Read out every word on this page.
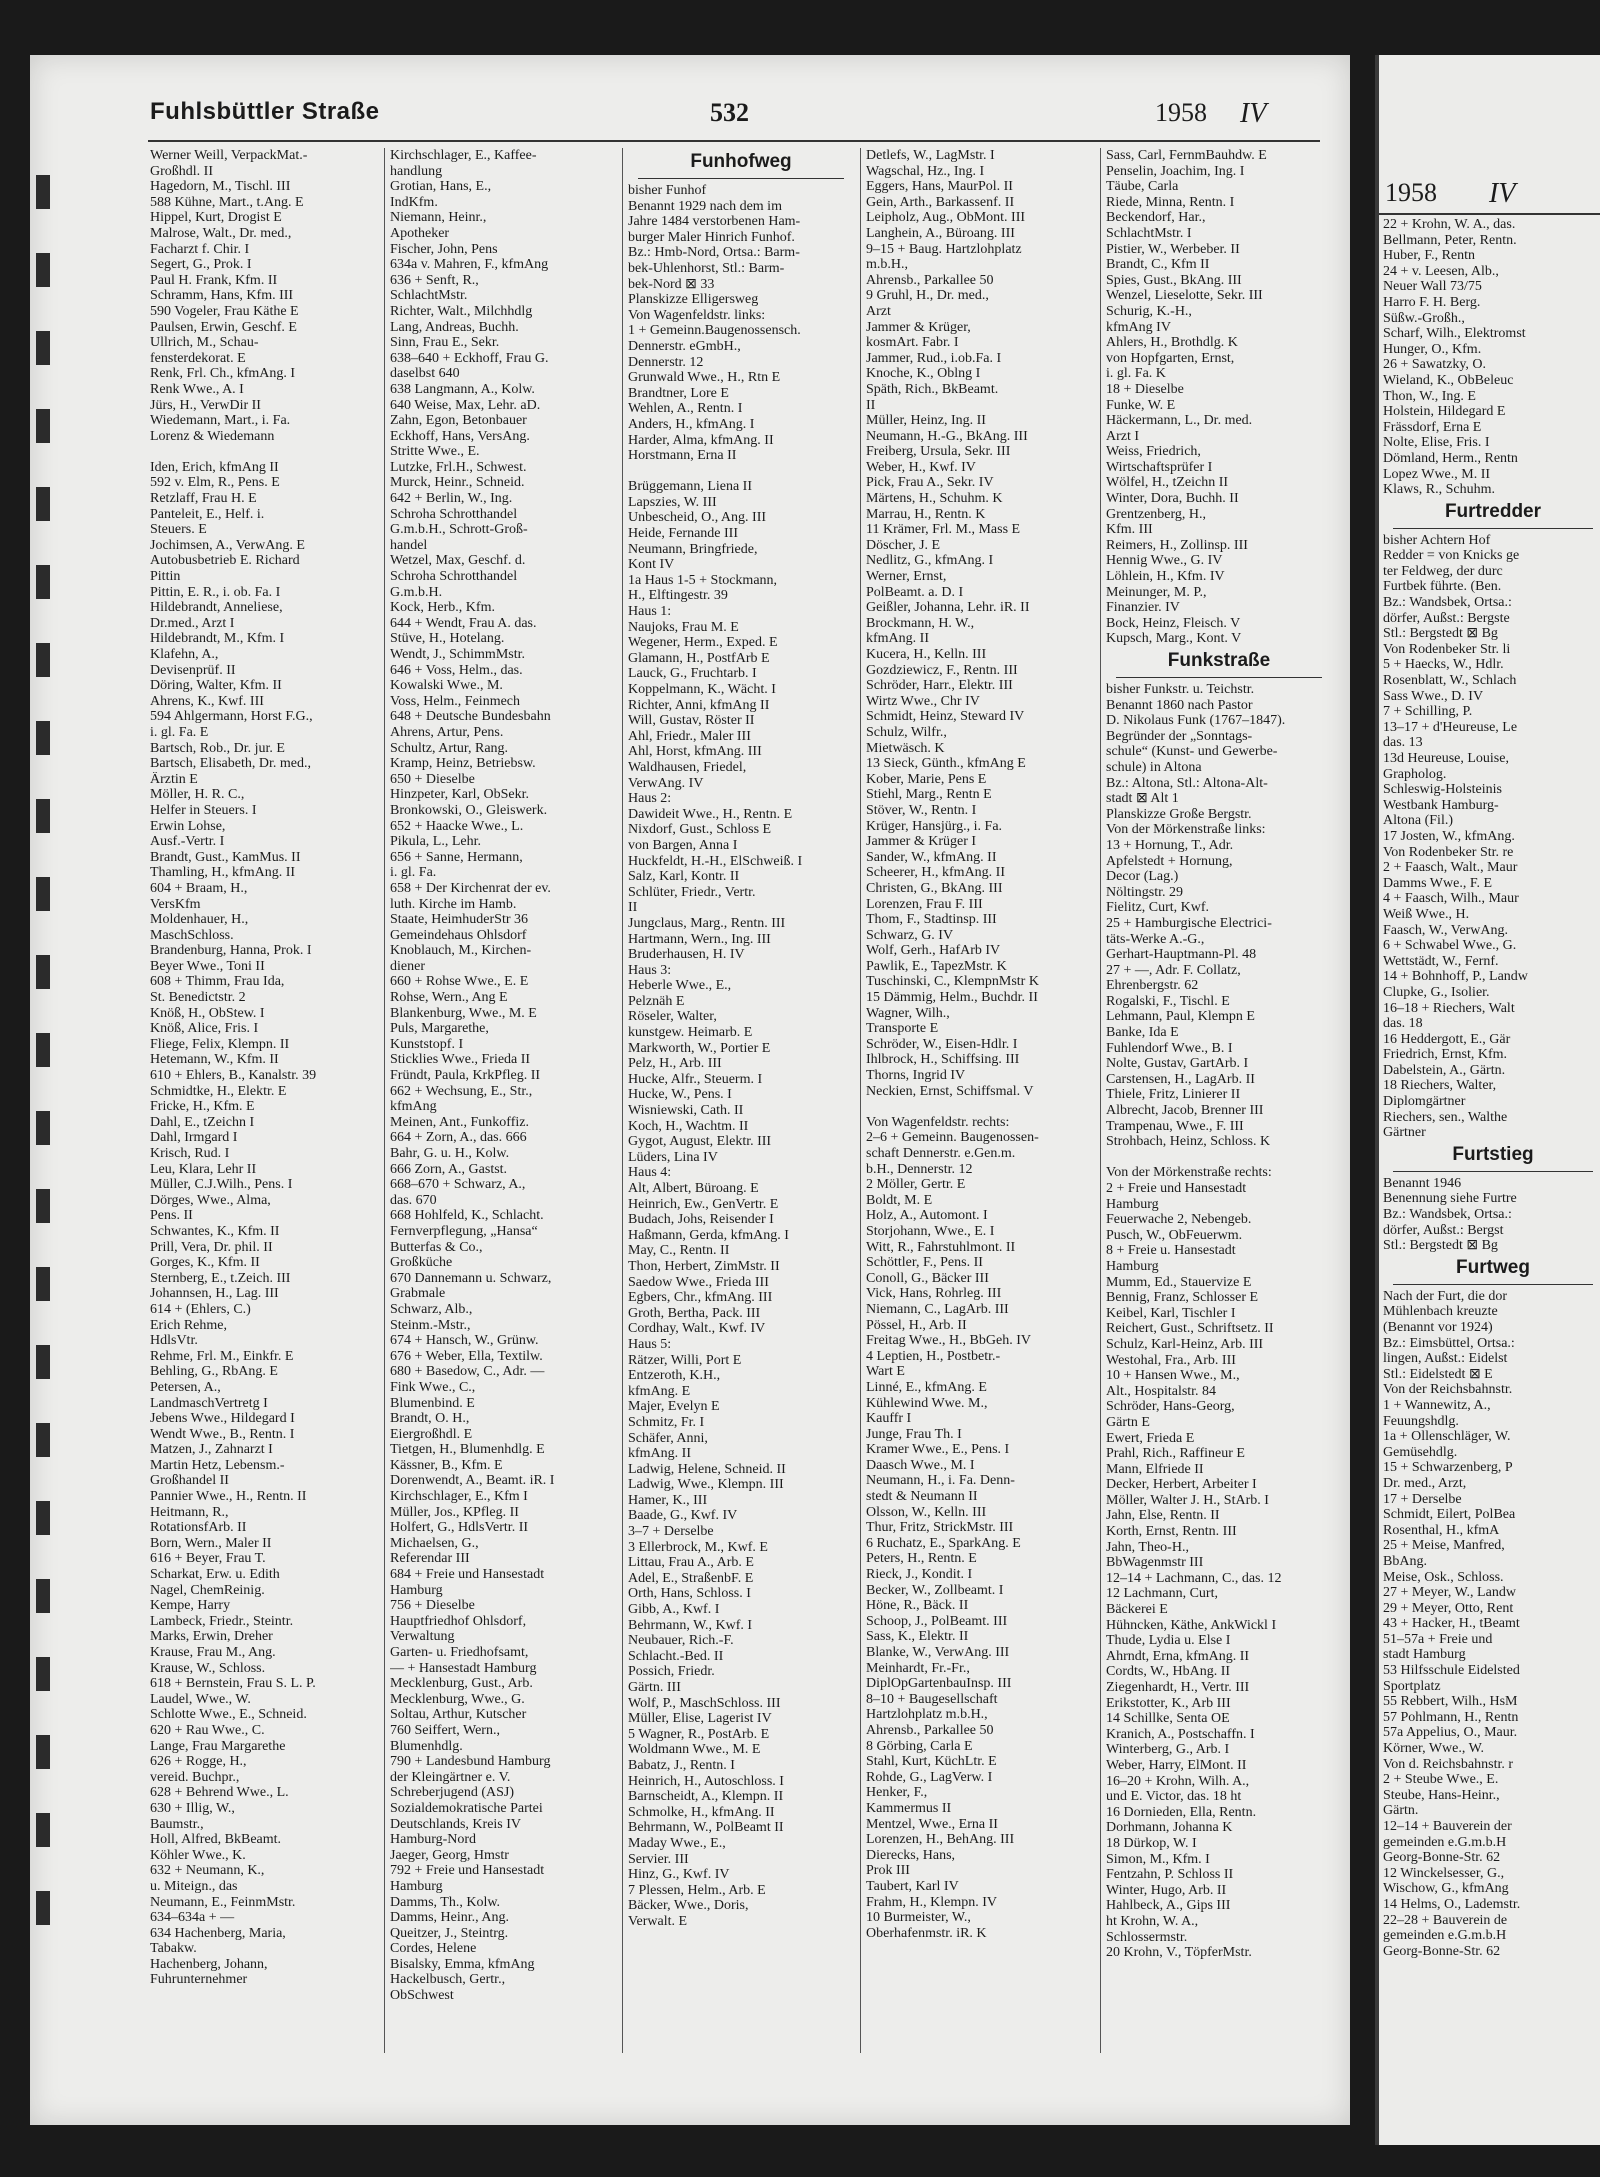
Fuhlsbüttler Straße	532	1958 IV
Werner Weill, VerpackMat.-
Großhdl. II
Hagedorn, M., Tischl. III
588 Kühne, Mart., t.Ang. E
Hippel, Kurt, Drogist E
Malrose, Walt., Dr. med.,
Facharzt f. Chir. I
Segert, G., Prok. I
Paul H. Frank, Kfm. II
Schramm, Hans, Kfm. III
590 Vogeler, Frau Käthe E
Paulsen, Erwin, Geschf. E
Ullrich, M., Schau-
fensterdekorat. E
Renk, Frl. Ch., kfmAng. I
Renk Wwe., A. I
Jürs, H., VerwDir II
Wiedemann, Mart., i. Fa.
Lorenz & Wiedemann

Iden, Erich, kfmAng II
592 v. Elm, R., Pens. E
Retzlaff, Frau H. E
Panteleit, E., Helf. i.
Steuers. E
Jochimsen, A., VerwAng. E
Autobusbetrieb E. Richard
Pittin
Pittin, E. R., i. ob. Fa. I
Hildebrandt, Anneliese,
Dr.med., Arzt I
Hildebrandt, M., Kfm. I
Klafehn, A.,
Devisenprüf. II
Döring, Walter, Kfm. II
Ahrens, K., Kwf. III
594 Ahlgermann, Horst F.G.,
i. gl. Fa. E
Bartsch, Rob., Dr. jur. E
Bartsch, Elisabeth, Dr. med.,
Ärztin E
Möller, H. R. C.,
Helfer in Steuers. I
Erwin Lohse,
Ausf.-Vertr. I
Brandt, Gust., KamMus. II
Thamling, H., kfmAng. II
604 + Braam, H.,
VersKfm
Moldenhauer, H.,
MaschSchloss.
Brandenburg, Hanna, Prok. I
Beyer Wwe., Toni II
608 + Thimm, Frau Ida,
St. Benedictstr. 2
Knöß, H., ObStew. I
Knöß, Alice, Fris. I
Fliege, Felix, Klempn. II
Hetemann, W., Kfm. II
610 + Ehlers, B., Kanalstr. 39
Schmidtke, H., Elektr. E
Fricke, H., Kfm. E
Dahl, E., tZeichn I
Dahl, Irmgard I
Krisch, Rud. I
Leu, Klara, Lehr II
Müller, C.J.Wilh., Pens. I
Dörges, Wwe., Alma,
Pens. II
Schwantes, K., Kfm. II
Prill, Vera, Dr. phil. II
Gorges, K., Kfm. II
Sternberg, E., t.Zeich. III
Johannsen, H., Lag. III
614 + (Ehlers, C.)
Erich Rehme,
HdlsVtr.
Rehme, Frl. M., Einkfr. E
Behling, G., RbAng. E
Petersen, A.,
LandmaschVertretg I
Jebens Wwe., Hildegard I
Wendt Wwe., B., Rentn. I
Matzen, J., Zahnarzt I
Martin Hetz, Lebensm.-
Großhandel II
Pannier Wwe., H., Rentn. II
Heitmann, R.,
RotationsfArb. II
Born, Wern., Maler II
616 + Beyer, Frau T.
Scharkat, Erw. u. Edith
Nagel, ChemReinig.
Kempe, Harry
Lambeck, Friedr., Steintr.
Marks, Erwin, Dreher
Krause, Frau M., Ang.
Krause, W., Schloss.
618 + Bernstein, Frau S. L. P.
Laudel, Wwe., W.
Schlotte Wwe., E., Schneid.
620 + Rau Wwe., C.
Lange, Frau Margarethe
626 + Rogge, H.,
vereid. Buchpr.,
628 + Behrend Wwe., L.
630 + Illig, W.,
Baumstr.,
Holl, Alfred, BkBeamt.
Köhler Wwe., K.
632 + Neumann, K.,
u. Miteign., das
Neumann, E., FeinmMstr.
634–634a + —
634 Hachenberg, Maria,
Tabakw.
Hachenberg, Johann,
Fuhrunternehmer
Kirchschlager, E., Kaffee-
handlung
Grotian, Hans, E.,
IndKfm.
Niemann, Heinr.,
Apotheker
Fischer, John, Pens
634a v. Mahren, F., kfmAng
636 + Senft, R.,
SchlachtMstr.
Richter, Walt., Milchhdlg
Lang, Andreas, Buchh.
Sinn, Frau E., Sekr.
638–640 + Eckhoff, Frau G.
daselbst 640
638 Langmann, A., Kolw.
640 Weise, Max, Lehr. aD.
Zahn, Egon, Betonbauer
Eckhoff, Hans, VersAng.
Stritte Wwe., E.
Lutzke, Frl.H., Schwest.
Murck, Heinr., Schneid.
642 + Berlin, W., Ing.
Schroha Schrotthandel
G.m.b.H., Schrott-Groß-
handel
Wetzel, Max, Geschf. d.
Schroha Schrotthandel
G.m.b.H.
Kock, Herb., Kfm.
644 + Wendt, Frau A. das.
Stüve, H., Hotelang.
Wendt, J., SchimmMstr.
646 + Voss, Helm., das.
Kowalski Wwe., M.
Voss, Helm., Feinmech
648 + Deutsche Bundesbahn
Ahrens, Artur, Pens.
Schultz, Artur, Rang.
Kramp, Heinz, Betriebsw.
650 + Dieselbe
Hinzpeter, Karl, ObSekr.
Bronkowski, O., Gleiswerk.
652 + Haacke Wwe., L.
Pikula, L., Lehr.
656 + Sanne, Hermann,
i. gl. Fa.
658 + Der Kirchenrat der ev.
luth. Kirche im Hamb.
Staate, HeimhuderStr 36
Gemeindehaus Ohlsdorf
Knoblauch, M., Kirchen-
diener
660 + Rohse Wwe., E. E
Rohse, Wern., Ang E
Blankenburg, Wwe., M. E
Puls, Margarethe,
Kunststopf. I
Sticklies Wwe., Frieda II
Fründt, Paula, KrkPfleg. II
662 + Wechsung, E., Str.,
kfmAng
Meinen, Ant., Funkoffiz.
664 + Zorn, A., das. 666
Bahr, G. u. H., Kolw.
666 Zorn, A., Gastst.
668–670 + Schwarz, A.,
das. 670
668 Hohlfeld, K., Schlacht.
Fernverpflegung, „Hansa“
Butterfas & Co.,
Großküche
670 Dannemann u. Schwarz,
Grabmale
Schwarz, Alb.,
Steinm.-Mstr.,
674 + Hansch, W., Grünw.
676 + Weber, Ella, Textilw.
680 + Basedow, C., Adr. —
Fink Wwe., C.,
Blumenbind. E
Brandt, O. H.,
Eiergroßhdl. E
Tietgen, H., Blumenhdlg. E
Kässner, B., Kfm. E
Dorenwendt, A., Beamt. iR. I
Kirchschlager, E., Kfm I
Müller, Jos., KPfleg. II
Holfert, G., HdlsVertr. II
Michaelsen, G.,
Referendar III
684 + Freie und Hansestadt
Hamburg
756 + Dieselbe
Hauptfriedhof Ohlsdorf,
Verwaltung
Garten- u. Friedhofsamt,
— + Hansestadt Hamburg
Mecklenburg, Gust., Arb.
Mecklenburg, Wwe., G.
Soltau, Arthur, Kutscher
760 Seiffert, Wern.,
Blumenhdlg.
790 + Landesbund Hamburg
der Kleingärtner e. V.
Schreberjugend (ASJ)
Sozialdemokratische Partei
Deutschlands, Kreis IV
Hamburg-Nord
Jaeger, Georg, Hmstr
792 + Freie und Hansestadt
Hamburg
Damms, Th., Kolw.
Damms, Heinr., Ang.
Queitzer, J., Steintrg.
Cordes, Helene
Bisalsky, Emma, kfmAng
Hackelbusch, Gertr.,
ObSchwest
Funhofweg
bisher Funhof
Benannt 1929 nach dem im
Jahre 1484 verstorbenen Ham-
burger Maler Hinrich Funhof.
Bz.: Hmb-Nord, Ortsa.: Barm-
bek-Uhlenhorst, Stl.: Barm-
bek-Nord ⊠ 33
Planskizze Elligersweg
Von Wagenfeldstr. links:
1 + Gemeinn.Baugenossensch.
Dennerstr. eGmbH.,
Dennerstr. 12
Grunwald Wwe., H., Rtn E
Brandtner, Lore E
Wehlen, A., Rentn. I
Anders, H., kfmAng. I
Harder, Alma, kfmAng. II
Horstmann, Erna II

Brüggemann, Liena II
Lapszies, W. III
Unbescheid, O., Ang. III
Heide, Fernande III
Neumann, Bringfriede,
Kont IV
1a Haus 1-5 + Stockmann,
H., Elftingestr. 39
Haus 1:
Naujoks, Frau M. E
Wegener, Herm., Exped. E
Glamann, H., PostfArb E
Lauck, G., Fruchtarb. I
Koppelmann, K., Wächt. I
Richter, Anni, kfmAng II
Will, Gustav, Röster II
Ahl, Friedr., Maler III
Ahl, Horst, kfmAng. III
Waldhausen, Friedel,
VerwAng. IV
Haus 2:
Dawideit Wwe., H., Rentn. E
Nixdorf, Gust., Schloss E
von Bargen, Anna I
Huckfeldt, H.-H., ElSchweiß. I
Salz, Karl, Kontr. II
Schlüter, Friedr., Vertr.
II
Jungclaus, Marg., Rentn. III
Hartmann, Wern., Ing. III
Bruderhausen, H. IV
Haus 3:
Heberle Wwe., E.,
Pelznäh E
Röseler, Walter,
kunstgew. Heimarb. E
Markworth, W., Portier E
Pelz, H., Arb. III
Hucke, Alfr., Steuerm. I
Hucke, W., Pens. I
Wisniewski, Cath. II
Koch, H., Wachtm. II
Gygot, August, Elektr. III
Lüders, Lina IV
Haus 4:
Alt, Albert, Büroang. E
Heinrich, Ew., GenVertr. E
Budach, Johs, Reisender I
Haßmann, Gerda, kfmAng. I
May, C., Rentn. II
Thon, Herbert, ZimMstr. II
Saedow Wwe., Frieda III
Egbers, Chr., kfmAng. III
Groth, Bertha, Pack. III
Cordhay, Walt., Kwf. IV
Haus 5:
Rätzer, Willi, Port E
Entzeroth, K.H.,
kfmAng. E
Majer, Evelyn E
Schmitz, Fr. I
Schäfer, Anni,
kfmAng. II
Ladwig, Helene, Schneid. II
Ladwig, Wwe., Klempn. III
Hamer, K., III
Baade, G., Kwf. IV
3–7 + Derselbe
3 Ellerbrock, M., Kwf. E
Littau, Frau A., Arb. E
Adel, E., StraßenbF. E
Orth, Hans, Schloss. I
Gibb, A., Kwf. I
Behrmann, W., Kwf. I
Neubauer, Rich.-F.
Schlacht.-Bed. II
Possich, Friedr.
Gärtn. III
Wolf, P., MaschSchloss. III
Müller, Elise, Lagerist IV
5 Wagner, R., PostArb. E
Woldmann Wwe., M. E
Babatz, J., Rentn. I
Heinrich, H., Autoschloss. I
Barnscheidt, A., Klempn. II
Schmolke, H., kfmAng. II
Behrmann, W., PolBeamt II
Maday Wwe., E.,
Servier. III
Hinz, G., Kwf. IV
7 Plessen, Helm., Arb. E
Bäcker, Wwe., Doris,
Verwalt. E
Detlefs, W., LagMstr. I
Wagschal, Hz., Ing. I
Eggers, Hans, MaurPol. II
Gein, Arth., Barkassenf. II
Leipholz, Aug., ObMont. III
Langhein, A., Büroang. III
9–15 + Baug. Hartzlohplatz
m.b.H.,
Ahrensb., Parkallee 50
9 Gruhl, H., Dr. med.,
Arzt
Jammer & Krüger,
kosmArt. Fabr. I
Jammer, Rud., i.ob.Fa. I
Knoche, K., Oblng I
Späth, Rich., BkBeamt.
II
Müller, Heinz, Ing. II
Neumann, H.-G., BkAng. III
Freiberg, Ursula, Sekr. III
Weber, H., Kwf. IV
Pick, Frau A., Sekr. IV
Märtens, H., Schuhm. K
Marrau, H., Rentn. K
11 Krämer, Frl. M., Mass E
Döscher, J. E
Nedlitz, G., kfmAng. I
Werner, Ernst,
PolBeamt. a. D. I
Geißler, Johanna, Lehr. iR. II
Brockmann, H. W.,
kfmAng. II
Kucera, H., Kelln. III
Gozdziewicz, F., Rentn. III
Schröder, Harr., Elektr. III
Wirtz Wwe., Chr IV
Schmidt, Heinz, Steward IV
Schulz, Wilfr.,
Mietwäsch. K
13 Sieck, Günth., kfmAng E
Kober, Marie, Pens E
Stiehl, Marg., Rentn E
Stöver, W., Rentn. I
Krüger, Hansjürg., i. Fa.
Jammer & Krüger I
Sander, W., kfmAng. II
Scheerer, H., kfmAng. II
Christen, G., BkAng. III
Lorenzen, Frau F. III
Thom, F., Stadtinsp. III
Schwarz, G. IV
Wolf, Gerh., HafArb IV
Pawlik, E., TapezMstr. K
Tuschinski, C., KlempnMstr K
15 Dämmig, Helm., Buchdr. II
Wagner, Wilh.,
Transporte E
Schröder, W., Eisen-Hdlr. I
Ihlbrock, H., Schiffsing. III
Thorns, Ingrid IV
Neckien, Ernst, Schiffsmal. V

Von Wagenfeldstr. rechts:
2–6 + Gemeinn. Baugenossen-
schaft Dennerstr. e.Gen.m.
b.H., Dennerstr. 12
2 Möller, Gertr. E
Boldt, M. E
Holz, A., Automont. I
Storjohann, Wwe., E. I
Witt, R., Fahrstuhlmont. II
Schöttler, F., Pens. II
Conoll, G., Bäcker III
Vick, Hans, Rohrleg. III
Niemann, C., LagArb. III
Pössel, H., Arb. II
Freitag Wwe., H., BbGeh. IV
4 Leptien, H., Postbetr.-
Wart E
Linné, E., kfmAng. E
Kühlewind Wwe. M.,
Kauffr I
Junge, Frau Th. I
Kramer Wwe., E., Pens. I
Daasch Wwe., M. I
Neumann, H., i. Fa. Denn-
stedt & Neumann II
Olsson, W., Kelln. III
Thur, Fritz, StrickMstr. III
6 Ruchatz, E., SparkAng. E
Peters, H., Rentn. E
Rieck, J., Kondit. I
Becker, W., Zollbeamt. I
Höne, R., Bäck. II
Schoop, J., PolBeamt. III
Sass, K., Elektr. II
Blanke, W., VerwAng. III
Meinhardt, Fr.-Fr.,
DiplOpGartenbauInsp. III
8–10 + Baugesellschaft
Hartzlohplatz m.b.H.,
Ahrensb., Parkallee 50
8 Görbing, Carla E
Stahl, Kurt, KüchLtr. E
Rohde, G., LagVerw. I
Henker, F.,
Kammermus II
Mentzel, Wwe., Erna II
Lorenzen, H., BehAng. III
Dierecks, Hans,
Prok III
Taubert, Karl IV
Frahm, H., Klempn. IV
10 Burmeister, W.,
Oberhafenmstr. iR. K
Sass, Carl, FernmBauhdw. E
Penselin, Joachim, Ing. I
Täube, Carla
Riede, Minna, Rentn. I
Beckendorf, Har.,
SchlachtMstr. I
Pistier, W., Werbeber. II
Brandt, C., Kfm II
Spies, Gust., BkAng. III
Wenzel, Lieselotte, Sekr. III
Schurig, K.-H.,
kfmAng IV
Ahlers, H., Brothdlg. K
von Hopfgarten, Ernst,
i. gl. Fa. K
18 + Dieselbe
Funke, W. E
Häckermann, L., Dr. med.
Arzt I
Weiss, Friedrich,
Wirtschaftsprüfer I
Wölfel, H., tZeichn II
Winter, Dora, Buchh. II
Grentzenberg, H.,
Kfm. III
Reimers, H., Zollinsp. III
Hennig Wwe., G. IV
Löhlein, H., Kfm. IV
Meinunger, M. P.,
Finanzier. IV
Bock, Heinz, Fleisch. V
Kupsch, Marg., Kont. V
Funkstraße
bisher Funkstr. u. Teichstr.
Benannt 1860 nach Pastor
D. Nikolaus Funk (1767–1847).
Begründer der „Sonntags-
schule“ (Kunst- und Gewerbe-
schule) in Altona
Bz.: Altona, Stl.: Altona-Alt-
stadt ⊠ Alt 1
Planskizze Große Bergstr.
Von der Mörkenstraße links:
13 + Hornung, T., Adr.
Apfelstedt + Hornung,
Decor (Lag.)
Nöltingstr. 29
Fielitz, Curt, Kwf.
25 + Hamburgische Electrici-
täts-Werke A.-G.,
Gerhart-Hauptmann-Pl. 48
27 + —, Adr. F. Collatz,
Ehrenbergstr. 62
Rogalski, F., Tischl. E
Lehmann, Paul, Klempn E
Banke, Ida E
Fuhlendorf Wwe., B. I
Nolte, Gustav, GartArb. I
Carstensen, H., LagArb. II
Thiele, Fritz, Linierer II
Albrecht, Jacob, Brenner III
Trampenau, Wwe., F. III
Strohbach, Heinz, Schloss. K

Von der Mörkenstraße rechts:
2 + Freie und Hansestadt
Hamburg
Feuerwache 2, Nebengeb.
Pusch, W., ObFeuerwm.
8 + Freie u. Hansestadt
Hamburg
Mumm, Ed., Stauervize E
Bennig, Franz, Schlosser E
Keibel, Karl, Tischler I
Reichert, Gust., Schriftsetz. II
Schulz, Karl-Heinz, Arb. III
Westohal, Fra., Arb. III
10 + Hansen Wwe., M.,
Alt., Hospitalstr. 84
Schröder, Hans-Georg,
Gärtn E
Ewert, Frieda E
Prahl, Rich., Raffineur E
Mann, Elfriede II
Decker, Herbert, Arbeiter I
Möller, Walter J. H., StArb. I
Jahn, Else, Rentn. II
Korth, Ernst, Rentn. III
Jahn, Theo-H.,
BbWagenmstr III
12–14 + Lachmann, C., das. 12
12 Lachmann, Curt,
Bäckerei E
Hühncken, Käthe, AnkWickl I
Thude, Lydia u. Else I
Ahrndt, Erna, kfmAng. II
Cordts, W., HbAng. II
Ziegenhardt, H., Vertr. III
Erikstotter, K., Arb III
14 Schillke, Senta OE
Kranich, A., Postschaffn. I
Winterberg, G., Arb. I
Weber, Harry, ElMont. II
16–20 + Krohn, Wilh. A.,
und E. Victor, das. 18 ht
16 Dornieden, Ella, Rentn.
Dorhmann, Johanna K
18 Dürkop, W. I
Simon, M., Kfm. I
Fentzahn, P. Schloss II
Winter, Hugo, Arb. II
Hahlbeck, A., Gips III
ht Krohn, W. A.,
Schlossermstr.
20 Krohn, V., TöpferMstr.
1958 IV
22 + Krohn, W. A., das.
Bellmann, Peter, Rentn.
Huber, F., Rentn
24 + v. Leesen, Alb.,
Neuer Wall 73/75
Harro F. H. Berg.
Süßw.-Großh.,
Scharf, Wilh., Elektromst
Hunger, O., Kfm.
26 + Sawatzky, O.
Wieland, K., ObBeleuc
Thon, W., Ing. E
Holstein, Hildegard E
Frässdorf, Erna E
Nolte, Elise, Fris. I
Dömland, Herm., Rentn
Lopez Wwe., M. II
Klaws, R., Schuhm.
Furtredder
bisher Achtern Hof
Redder = von Knicks ge
ter Feldweg, der durc
Furtbek führte. (Ben.
Bz.: Wandsbek, Ortsa.:
dörfer, Außst.: Bergste
Stl.: Bergstedt ⊠ Bg
Von Rodenbeker Str. li
5 + Haecks, W., Hdlr.
Rosenblatt, W., Schlach
Sass Wwe., D. IV
7 + Schilling, P.
13–17 + d'Heureuse, Le
das. 13
13d Heureuse, Louise,
Grapholog.
Schleswig-Holsteinis
Westbank Hamburg-
Altona (Fil.)
17 Josten, W., kfmAng.
Von Rodenbeker Str. re
2 + Faasch, Walt., Maur
Damms Wwe., F. E
4 + Faasch, Wilh., Maur
Weiß Wwe., H.
Faasch, W., VerwAng.
6 + Schwabel Wwe., G.
Wettstädt, W., Fernf.
14 + Bohnhoff, P., Landw
Clupke, G., Isolier.
16–18 + Riechers, Walt
das. 18
16 Heddergott, E., Gär
Friedrich, Ernst, Kfm.
Dabelstein, A., Gärtn.
18 Riechers, Walter,
Diplomgärtner
Riechers, sen., Walthe
Gärtner
Furtstieg
Benannt 1946
Benennung siehe Furtre
Bz.: Wandsbek, Ortsa.:
dörfer, Außst.: Bergst
Stl.: Bergstedt ⊠ Bg
Furtweg
Nach der Furt, die dor
Mühlenbach kreuzte
(Benannt vor 1924)
Bz.: Eimsbüttel, Ortsa.:
lingen, Außst.: Eidelst
Stl.: Eidelstedt ⊠ E
Von der Reichsbahnstr.
1 + Wannewitz, A.,
Feuungshdlg.
1a + Ollenschläger, W.
Gemüsehdlg.
15 + Schwarzenberg, P
Dr. med., Arzt,
17 + Derselbe
Schmidt, Eilert, PolBea
Rosenthal, H., kfmA
25 + Meise, Manfred,
BbAng.
Meise, Osk., Schloss.
27 + Meyer, W., Landw
29 + Meyer, Otto, Rent
43 + Hacker, H., tBeamt
51–57a + Freie und
stadt Hamburg
53 Hilfsschule Eidelsted
Sportplatz
55 Rebbert, Wilh., HsM
57 Pohlmann, H., Rentn
57a Appelius, O., Maur.
Körner, Wwe., W.
Von d. Reichsbahnstr. r
2 + Steube Wwe., E.
Steube, Hans-Heinr.,
Gärtn.
12–14 + Bauverein der
gemeinden e.G.m.b.H
Georg-Bonne-Str. 62
12 Winckelsesser, G.,
Wischow, G., kfmAng
14 Helms, O., Lademstr.
22–28 + Bauverein de
gemeinden e.G.m.b.H
Georg-Bonne-Str. 62
